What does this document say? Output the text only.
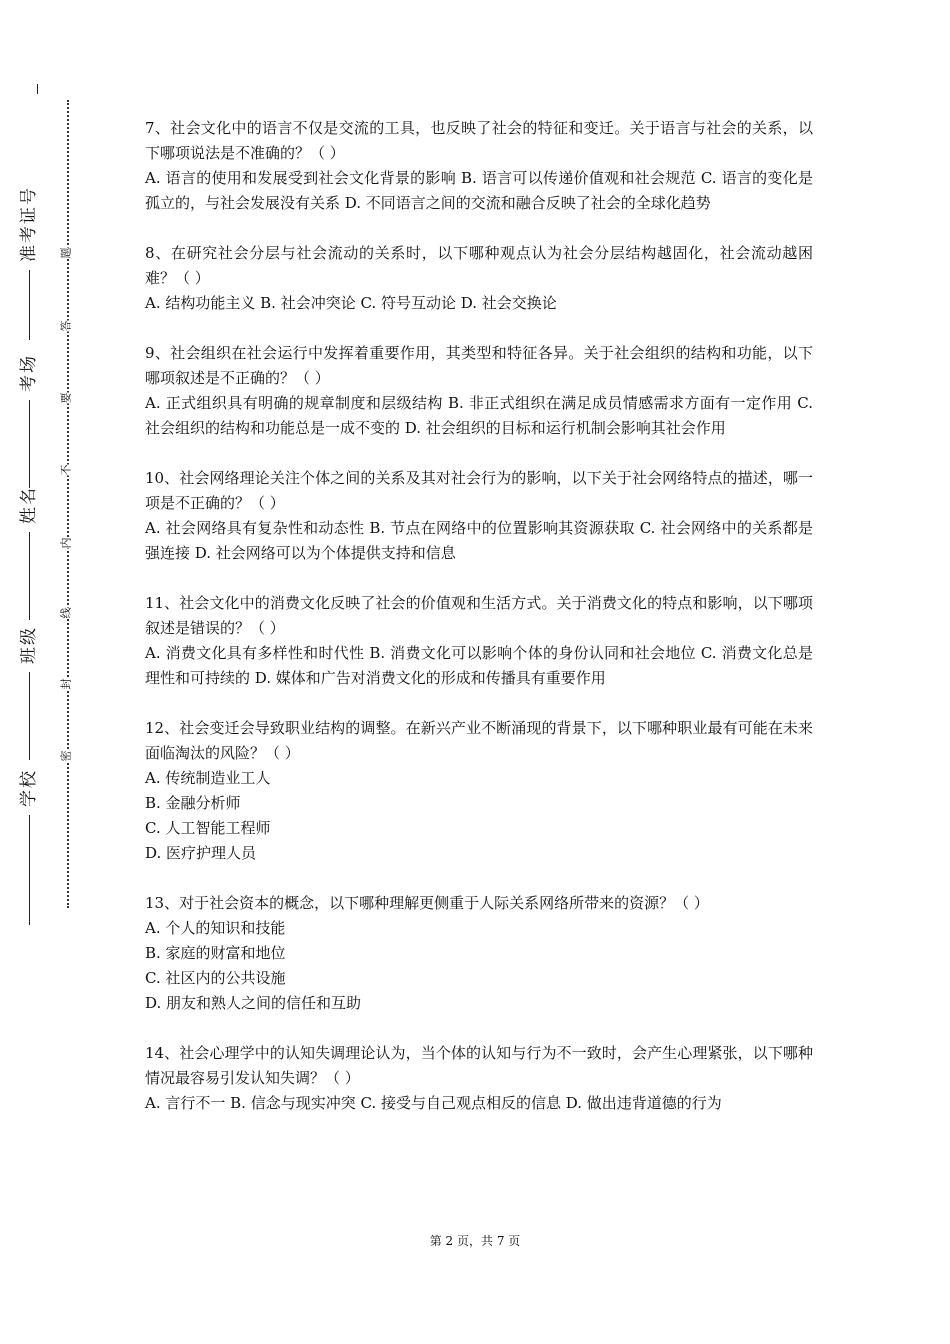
准考证号
考场
姓名
班级
学校
题
答
要
不
内
线
封
密

7、社会文化中的语言不仅是交流的工具，也反映了社会的特征和变迁。关于语言与社会的关系，以下哪项说法是不准确的？（ ）

A. 语言的使用和发展受到社会文化背景的影响 B. 语言可以传递价值观和社会规范 C. 语言的变化是孤立的，与社会发展没有关系 D. 不同语言之间的交流和融合反映了社会的全球化趋势

8、在研究社会分层与社会流动的关系时，以下哪种观点认为社会分层结构越固化，社会流动越困难？（ ）

A. 结构功能主义 B. 社会冲突论 C. 符号互动论 D. 社会交换论

9、社会组织在社会运行中发挥着重要作用，其类型和特征各异。关于社会组织的结构和功能，以下哪项叙述是不正确的？（ ）

A. 正式组织具有明确的规章制度和层级结构 B. 非正式组织在满足成员情感需求方面有一定作用 C. 社会组织的结构和功能总是一成不变的 D. 社会组织的目标和运行机制会影响其社会作用

10、社会网络理论关注个体之间的关系及其对社会行为的影响，以下关于社会网络特点的描述，哪一项是不正确的？（ ）

A. 社会网络具有复杂性和动态性 B. 节点在网络中的位置影响其资源获取 C. 社会网络中的关系都是强连接 D. 社会网络可以为个体提供支持和信息

11、社会文化中的消费文化反映了社会的价值观和生活方式。关于消费文化的特点和影响，以下哪项叙述是错误的？（ ）

A. 消费文化具有多样性和时代性 B. 消费文化可以影响个体的身份认同和社会地位 C. 消费文化总是理性和可持续的 D. 媒体和广告对消费文化的形成和传播具有重要作用

12、社会变迁会导致职业结构的调整。在新兴产业不断涌现的背景下，以下哪种职业最有可能在未来面临淘汰的风险？（ ）

A. 传统制造业工人

B. 金融分析师

C. 人工智能工程师

D. 医疗护理人员

13、对于社会资本的概念，以下哪种理解更侧重于人际关系网络所带来的资源？（ ）

A. 个人的知识和技能

B. 家庭的财富和地位

C. 社区内的公共设施

D. 朋友和熟人之间的信任和互助

14、社会心理学中的认知失调理论认为，当个体的认知与行为不一致时，会产生心理紧张，以下哪种情况最容易引发认知失调？（ ）

A. 言行不一 B. 信念与现实冲突 C. 接受与自己观点相反的信息 D. 做出违背道德的行为

第 2 页，共 7 页
